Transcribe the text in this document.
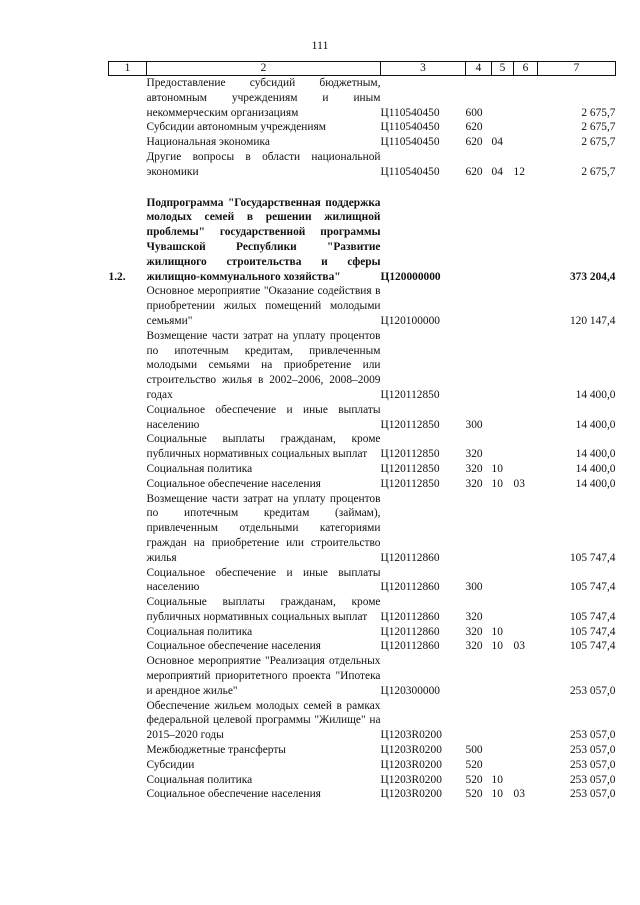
111
1	2	3	4	5	6	7
	Предоставление субсидий бюджетным, автономным учреждениям и иным некоммерческим организациям	Ц110540450	600			2 675,7
	Субсидии автономным учреждениям	Ц110540450	620			2 675,7
	Национальная экономика	Ц110540450	620	04		2 675,7
	Другие вопросы в области национальной экономики	Ц110540450	620	04	12	2 675,7

1.2.	Подпрограмма "Государственная поддержка молодых семей в решении жилищной проблемы" государственной программы Чувашской Республики "Развитие жилищного строительства и сферы жилищно-коммунального хозяйства"	Ц120000000				373 204,4
	Основное мероприятие "Оказание содействия в приобретении жилых помещений молодыми семьями"	Ц120100000				120 147,4
	Возмещение части затрат на уплату процентов по ипотечным кредитам, привлеченным молодыми семьями на приобретение или строительство жилья в 2002–2006, 2008–2009 годах	Ц120112850				14 400,0
	Социальное обеспечение и иные выплаты населению	Ц120112850	300			14 400,0
	Социальные выплаты гражданам, кроме публичных нормативных социальных выплат	Ц120112850	320			14 400,0
	Социальная политика	Ц120112850	320	10		14 400,0
	Социальное обеспечение населения	Ц120112850	320	10	03	14 400,0
	Возмещение части затрат на уплату процентов по ипотечным кредитам (займам), привлеченным отдельными категориями граждан на приобретение или строительство жилья	Ц120112860				105 747,4
	Социальное обеспечение и иные выплаты населению	Ц120112860	300			105 747,4
	Социальные выплаты гражданам, кроме публичных нормативных социальных выплат	Ц120112860	320			105 747,4
	Социальная политика	Ц120112860	320	10		105 747,4
	Социальное обеспечение населения	Ц120112860	320	10	03	105 747,4
	Основное мероприятие "Реализация отдельных мероприятий приоритетного проекта "Ипотека и арендное жилье"	Ц120300000				253 057,0
	Обеспечение жильем молодых семей в рамках федеральной целевой программы "Жилище" на 2015–2020 годы	Ц1203R0200				253 057,0
	Межбюджетные трансферты	Ц1203R0200	500			253 057,0
	Субсидии	Ц1203R0200	520			253 057,0
	Социальная политика	Ц1203R0200	520	10		253 057,0
	Социальное обеспечение населения	Ц1203R0200	520	10	03	253 057,0
